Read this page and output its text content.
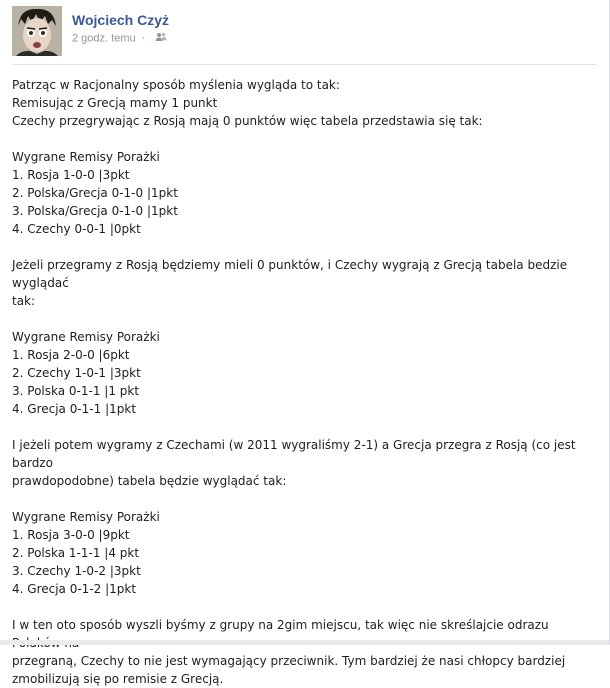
Wojciech Czyż
2 godz. temu ·
Patrząc w Racjonalny sposób myślenia wygląda to tak:
Remisując z Grecją mamy 1 punkt
Czechy przegrywając z Rosją mają 0 punktów więc tabela przedstawia się tak:
Wygrane Remisy Porażki
1. Rosja 1-0-0 |3pkt
2. Polska/Grecja 0-1-0 |1pkt
3. Polska/Grecja 0-1-0 |1pkt
4. Czechy 0-0-1 |0pkt
Jeżeli przegramy z Rosją będziemy mieli 0 punktów, i Czechy wygrają z Grecją tabela bedzie wyglądać
tak:
Wygrane Remisy Porażki
1. Rosja 2-0-0 |6pkt
2. Czechy 1-0-1 |3pkt
3. Polska 0-1-1 |1 pkt
4. Grecja 0-1-1 |1pkt
I jeżeli potem wygramy z Czechami (w 2011 wygraliśmy 2-1) a Grecja przegra z Rosją (co jest bardzo
prawdopodobne) tabela będzie wyglądać tak:
Wygrane Remisy Porażki
1. Rosja 3-0-0 |9pkt
2. Polska 1-1-1 |4 pkt
3. Czechy 1-0-2 |3pkt
4. Grecja 0-1-2 |1pkt
I w ten oto sposób wyszli byśmy z grupy na 2gim miejscu, tak więc nie skreślajcie odrazu
przegraną, Czechy to nie jest wymagający przeciwnik. Tym bardziej że nasi chłopcy bardziej
zmobilizują się po remisie z Grecją.
